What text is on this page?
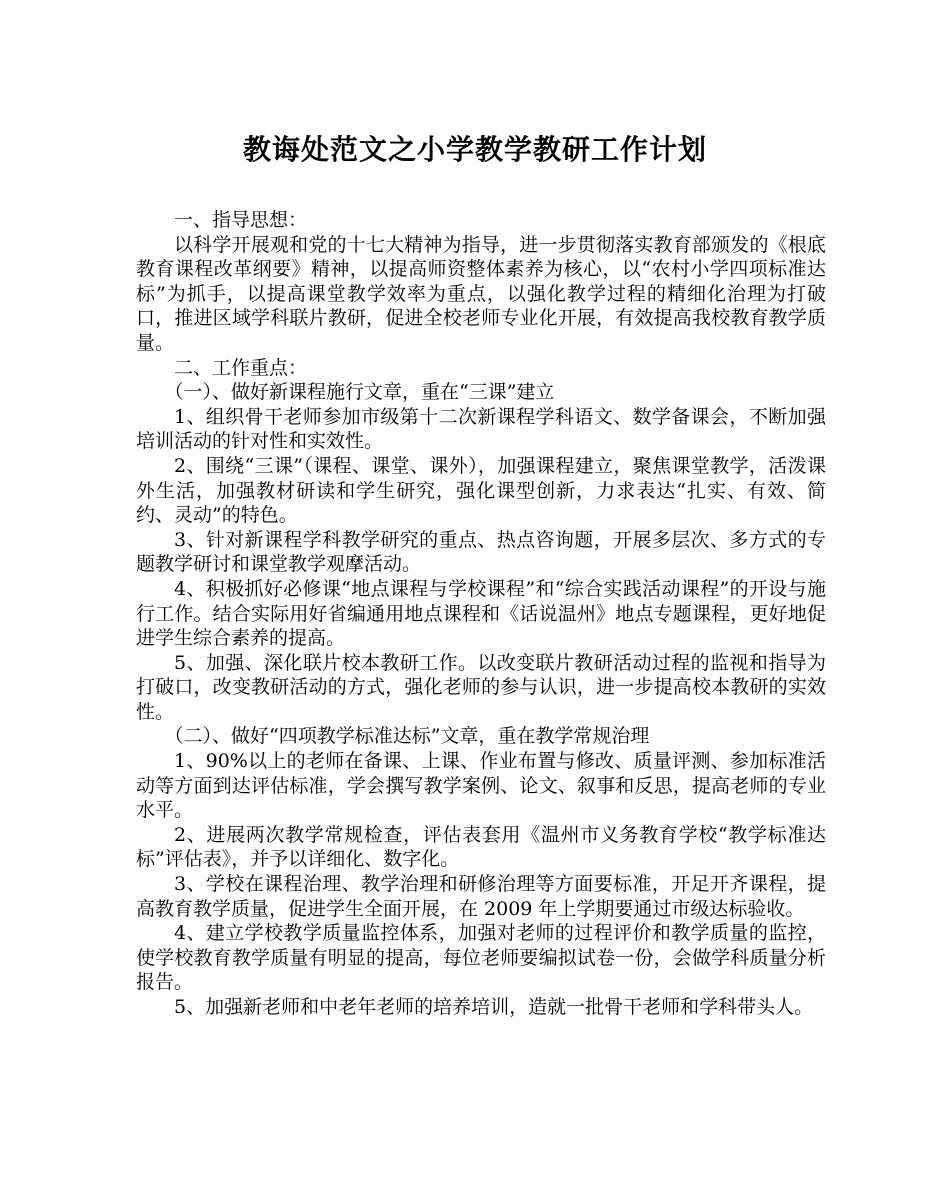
教诲处范文之小学教学教研工作计划

一、指导思想：

以科学开展观和党的十七大精神为指导，进一步贯彻落实教育部颁发的《根底教育课程改革纲要》精神，以提高师资整体素养为核心，以“农村小学四项标准达标”为抓手，以提高课堂教学效率为重点，以强化教学过程的精细化治理为打破口，推进区域学科联片教研，促进全校老师专业化开展，有效提高我校教育教学质量。

二、工作重点：

（一）、做好新课程施行文章，重在“三课”建立

1、组织骨干老师参加市级第十二次新课程学科语文、数学备课会，不断加强培训活动的针对性和实效性。

2、围绕“三课”（课程、课堂、课外），加强课程建立，聚焦课堂教学，活泼课外生活，加强教材研读和学生研究，强化课型创新，力求表达“扎实、有效、简约、灵动”的特色。

3、针对新课程学科教学研究的重点、热点咨询题，开展多层次、多方式的专题教学研讨和课堂教学观摩活动。

4、积极抓好必修课“地点课程与学校课程”和“综合实践活动课程”的开设与施行工作。结合实际用好省编通用地点课程和《话说温州》地点专题课程，更好地促进学生综合素养的提高。

5、加强、深化联片校本教研工作。以改变联片教研活动过程的监视和指导为打破口，改变教研活动的方式，强化老师的参与认识，进一步提高校本教研的实效性。

（二）、做好“四项教学标准达标”文章，重在教学常规治理

1、90%以上的老师在备课、上课、作业布置与修改、质量评测、参加标准活动等方面到达评估标准，学会撰写教学案例、论文、叙事和反思，提高老师的专业水平。

2、进展两次教学常规检查，评估表套用《温州市义务教育学校“教学标准达标”评估表》，并予以详细化、数字化。

3、学校在课程治理、教学治理和研修治理等方面要标准，开足开齐课程，提高教育教学质量，促进学生全面开展，在 2009 年上学期要通过市级达标验收。

4、建立学校教学质量监控体系，加强对老师的过程评价和教学质量的监控，使学校教育教学质量有明显的提高，每位老师要编拟试卷一份，会做学科质量分析报告。

5、加强新老师和中老年老师的培养培训，造就一批骨干老师和学科带头人。
